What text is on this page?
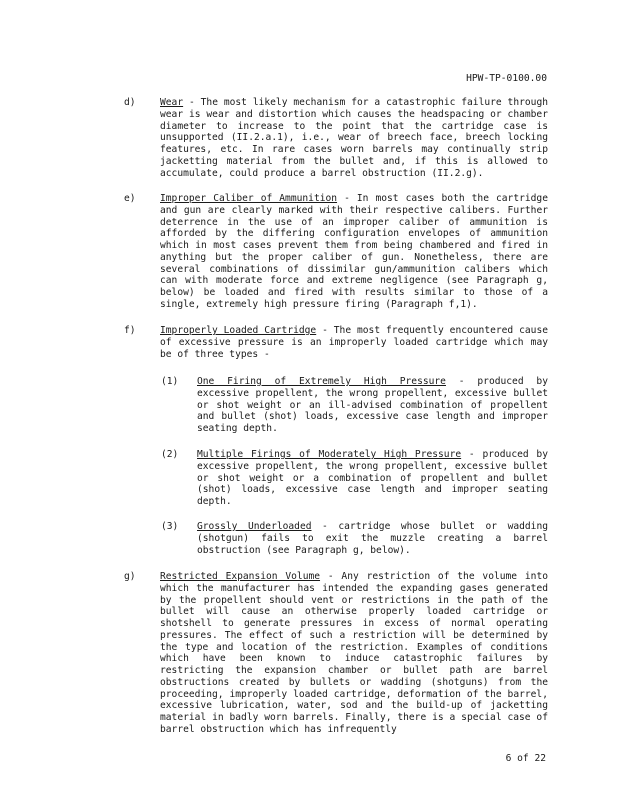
HPW-TP-0100.00
d)	Wear - The most likely mechanism for a catastrophic failure through wear is wear and distortion which causes the headspacing or chamber diameter to increase to the point that the cartridge case is unsupported (II.2.a.1), i.e., wear of breech face, breech locking features, etc. In rare cases worn barrels may continually strip jacketting material from the bullet and, if this is allowed to accumulate, could produce a barrel obstruction (II.2.g).
e)	Improper Caliber of Ammunition - In most cases both the cartridge and gun are clearly marked with their respective calibers. Further deterrence in the use of an improper caliber of ammunition is afforded by the differing configuration envelopes of ammunition which in most cases prevent them from being chambered and fired in anything but the proper caliber of gun. Nonetheless, there are several combinations of dissimilar gun/ammunition calibers which can with moderate force and extreme negligence (see Paragraph g, below) be loaded and fired with results similar to those of a single, extremely high pressure firing (Paragraph f,1).
f)	Improperly Loaded Cartridge - The most frequently encountered cause of excessive pressure is an improperly loaded cartridge which may be of three types -
(1) One Firing of Extremely High Pressure - produced by excessive propellent, the wrong propellent, excessive bullet or shot weight or an ill-advised combination of propellent and bullet (shot) loads, excessive case length and improper seating depth.
(2) Multiple Firings of Moderately High Pressure - produced by excessive propellent, the wrong propellent, excessive bullet or shot weight or a combination of propellent and bullet (shot) loads, excessive case length and improper seating depth.
(3) Grossly Underloaded - cartridge whose bullet or wadding (shotgun) fails to exit the muzzle creating a barrel obstruction (see Paragraph g, below).
g)	Restricted Expansion Volume - Any restriction of the volume into which the manufacturer has intended the expanding gases generated by the propellent should vent or restrictions in the path of the bullet will cause an otherwise properly loaded cartridge or shotshell to generate pressures in excess of normal operating pressures. The effect of such a restriction will be determined by the type and location of the restriction. Examples of conditions which have been known to induce catastrophic failures by restricting the expansion chamber or bullet path are barrel obstructions created by bullets or wadding (shotguns) from the proceeding, improperly loaded cartridge, deformation of the barrel, excessive lubrication, water, sod and the build-up of jacketting material in badly worn barrels. Finally, there is a special case of barrel obstruction which has infrequently
6 of 22
